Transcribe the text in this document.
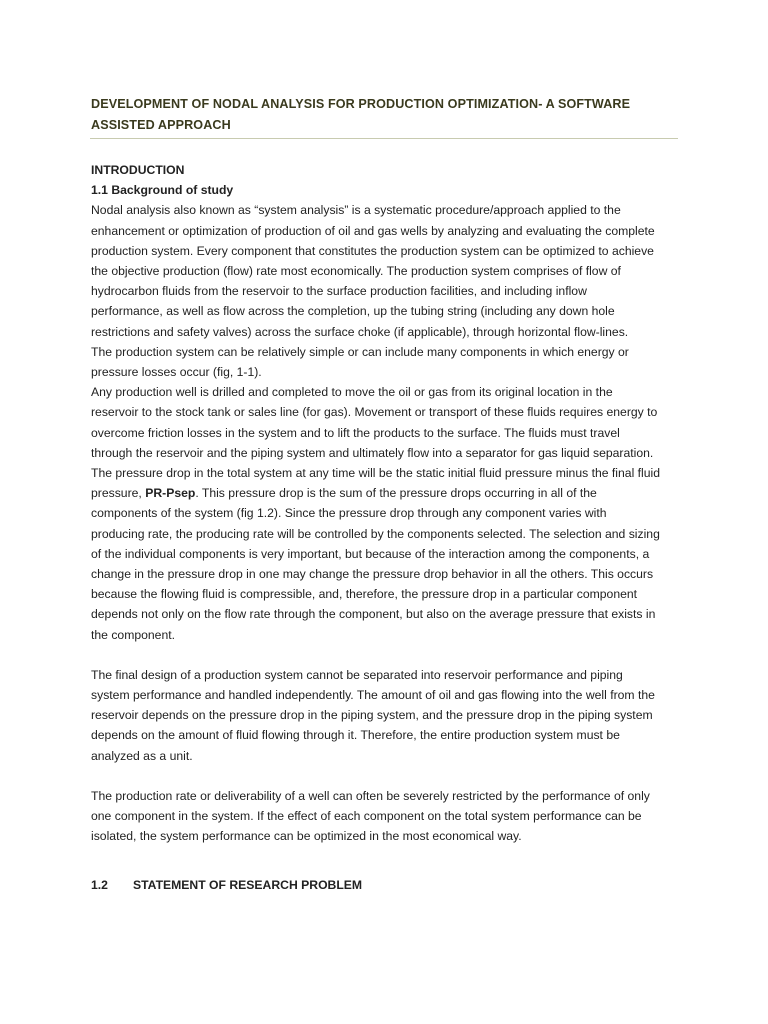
DEVELOPMENT OF NODAL ANALYSIS FOR PRODUCTION OPTIMIZATION- A SOFTWARE
ASSISTED APPROACH

INTRODUCTION

1.1 Background of study

Nodal analysis also known as “system analysis” is a systematic procedure/approach applied to the

enhancement or optimization of production of oil and gas wells by analyzing and evaluating the complete

production system. Every component that constitutes the production system can be optimized to achieve

the objective production (flow) rate most economically. The production system comprises of flow of

hydrocarbon fluids from the reservoir to the surface production facilities, and including inflow

performance, as well as flow across the completion, up the tubing string (including any down hole

restrictions and safety valves) across the surface choke (if applicable), through horizontal flow-lines.

The production system can be relatively simple or can include many components in which energy or

pressure losses occur (fig, 1-1).

Any production well is drilled and completed to move the oil or gas from its original location in the

reservoir to the stock tank or sales line (for gas). Movement or transport of these fluids requires energy to

overcome friction losses in the system and to lift the products to the surface. The fluids must travel

through the reservoir and the piping system and ultimately flow into a separator for gas liquid separation.

The pressure drop in the total system at any time will be the static initial fluid pressure minus the final fluid

pressure, PR-Psep. This pressure drop is the sum of the pressure drops occurring in all of the

components of the system (fig 1.2). Since the pressure drop through any component varies with

producing rate, the producing rate will be controlled by the components selected. The selection and sizing

of the individual components is very important, but because of the interaction among the components, a

change in the pressure drop in one may change the pressure drop behavior in all the others. This occurs

because the flowing fluid is compressible, and, therefore, the pressure drop in a particular component

depends not only on the flow rate through the component, but also on the average pressure that exists in

the component.

The final design of a production system cannot be separated into reservoir performance and piping

system performance and handled independently. The amount of oil and gas flowing into the well from the

reservoir depends on the pressure drop in the piping system, and the pressure drop in the piping system

depends on the amount of fluid flowing through it. Therefore, the entire production system must be

analyzed as a unit.

The production rate or deliverability of a well can often be severely restricted by the performance of only

one component in the system. If the effect of each component on the total system performance can be

isolated, the system performance can be optimized in the most economical way.

1.2 STATEMENT OF RESEARCH PROBLEM
